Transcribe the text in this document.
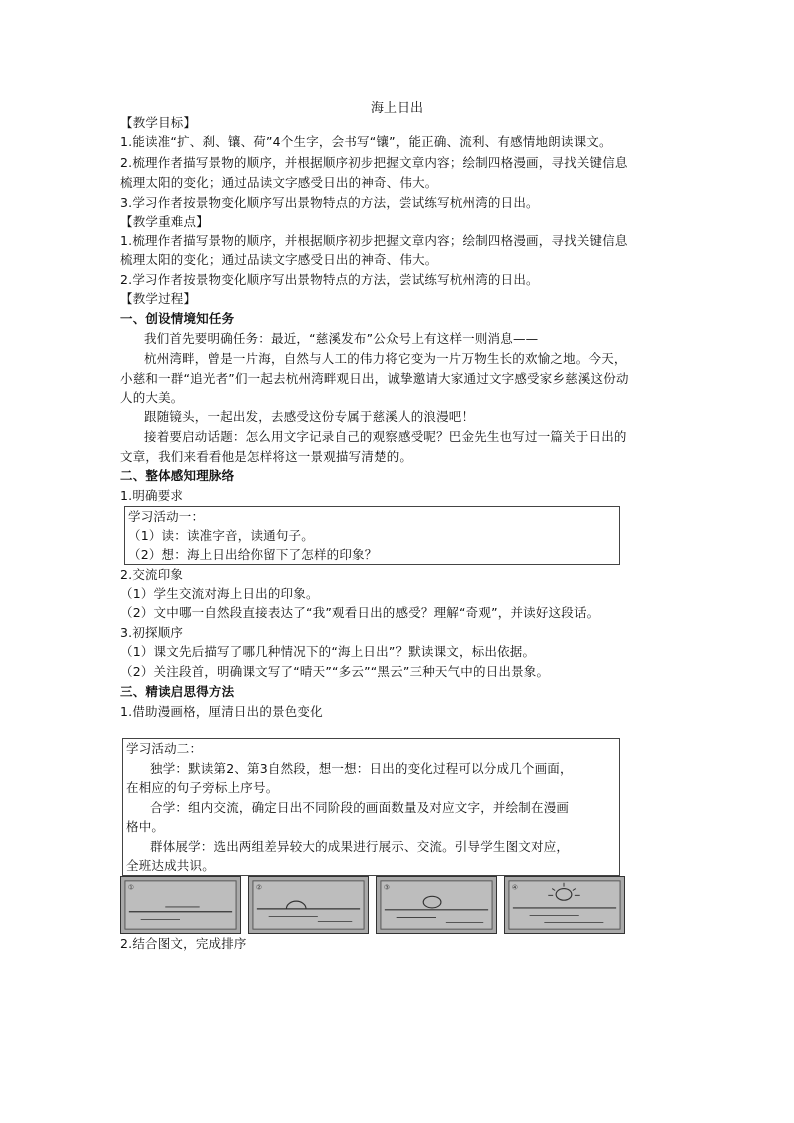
海上日出
【教学目标】
1.能读准“扩、刹、镶、荷”4个生字，会书写“镶”，能正确、流利、有感情地朗读课文。
2.梳理作者描写景物的顺序，并根据顺序初步把握文章内容；绘制四格漫画，寻找关键信息
梳理太阳的变化；通过品读文字感受日出的神奇、伟大。
3.学习作者按景物变化顺序写出景物特点的方法，尝试练写杭州湾的日出。
【教学重难点】
1.梳理作者描写景物的顺序，并根据顺序初步把握文章内容；绘制四格漫画，寻找关键信息
梳理太阳的变化；通过品读文字感受日出的神奇、伟大。
2.学习作者按景物变化顺序写出景物特点的方法，尝试练写杭州湾的日出。
【教学过程】
一、创设情境知任务
我们首先要明确任务：最近，“慈溪发布”公众号上有这样一则消息——
杭州湾畔，曾是一片海，自然与人工的伟力将它变为一片万物生长的欢愉之地。今天，
小慈和一群“追光者”们一起去杭州湾畔观日出，诚挚邀请大家通过文字感受家乡慈溪这份动
人的大美。
跟随镜头，一起出发，去感受这份专属于慈溪人的浪漫吧！
接着要启动话题：怎么用文字记录自己的观察感受呢？巴金先生也写过一篇关于日出的
文章，我们来看看他是怎样将这一景观描写清楚的。
二、整体感知理脉络
1.明确要求
学习活动一：
（1）读：读准字音，读通句子。
（2）想：海上日出给你留下了怎样的印象？
2.交流印象
（1）学生交流对海上日出的印象。
（2）文中哪一自然段直接表达了“我”观看日出的感受？理解“奇观”，并读好这段话。
3.初探顺序
（1）课文先后描写了哪几种情况下的“海上日出”？默读课文，标出依据。
（2）关注段首，明确课文写了“晴天”“多云”“黑云”三种天气中的日出景象。
三、精读启思得方法
1.借助漫画格，厘清日出的景色变化
学习活动二：
独学：默读第2、第3自然段，想一想：日出的变化过程可以分成几个画面，
在相应的句子旁标上序号。
合学：组内交流，确定日出不同阶段的画面数量及对应文字，并绘制在漫画
格中。
群体展学：选出两组差异较大的成果进行展示、交流。引导学生图文对应，
全班达成共识。
①	②	③	④
2.结合图文，完成排序
